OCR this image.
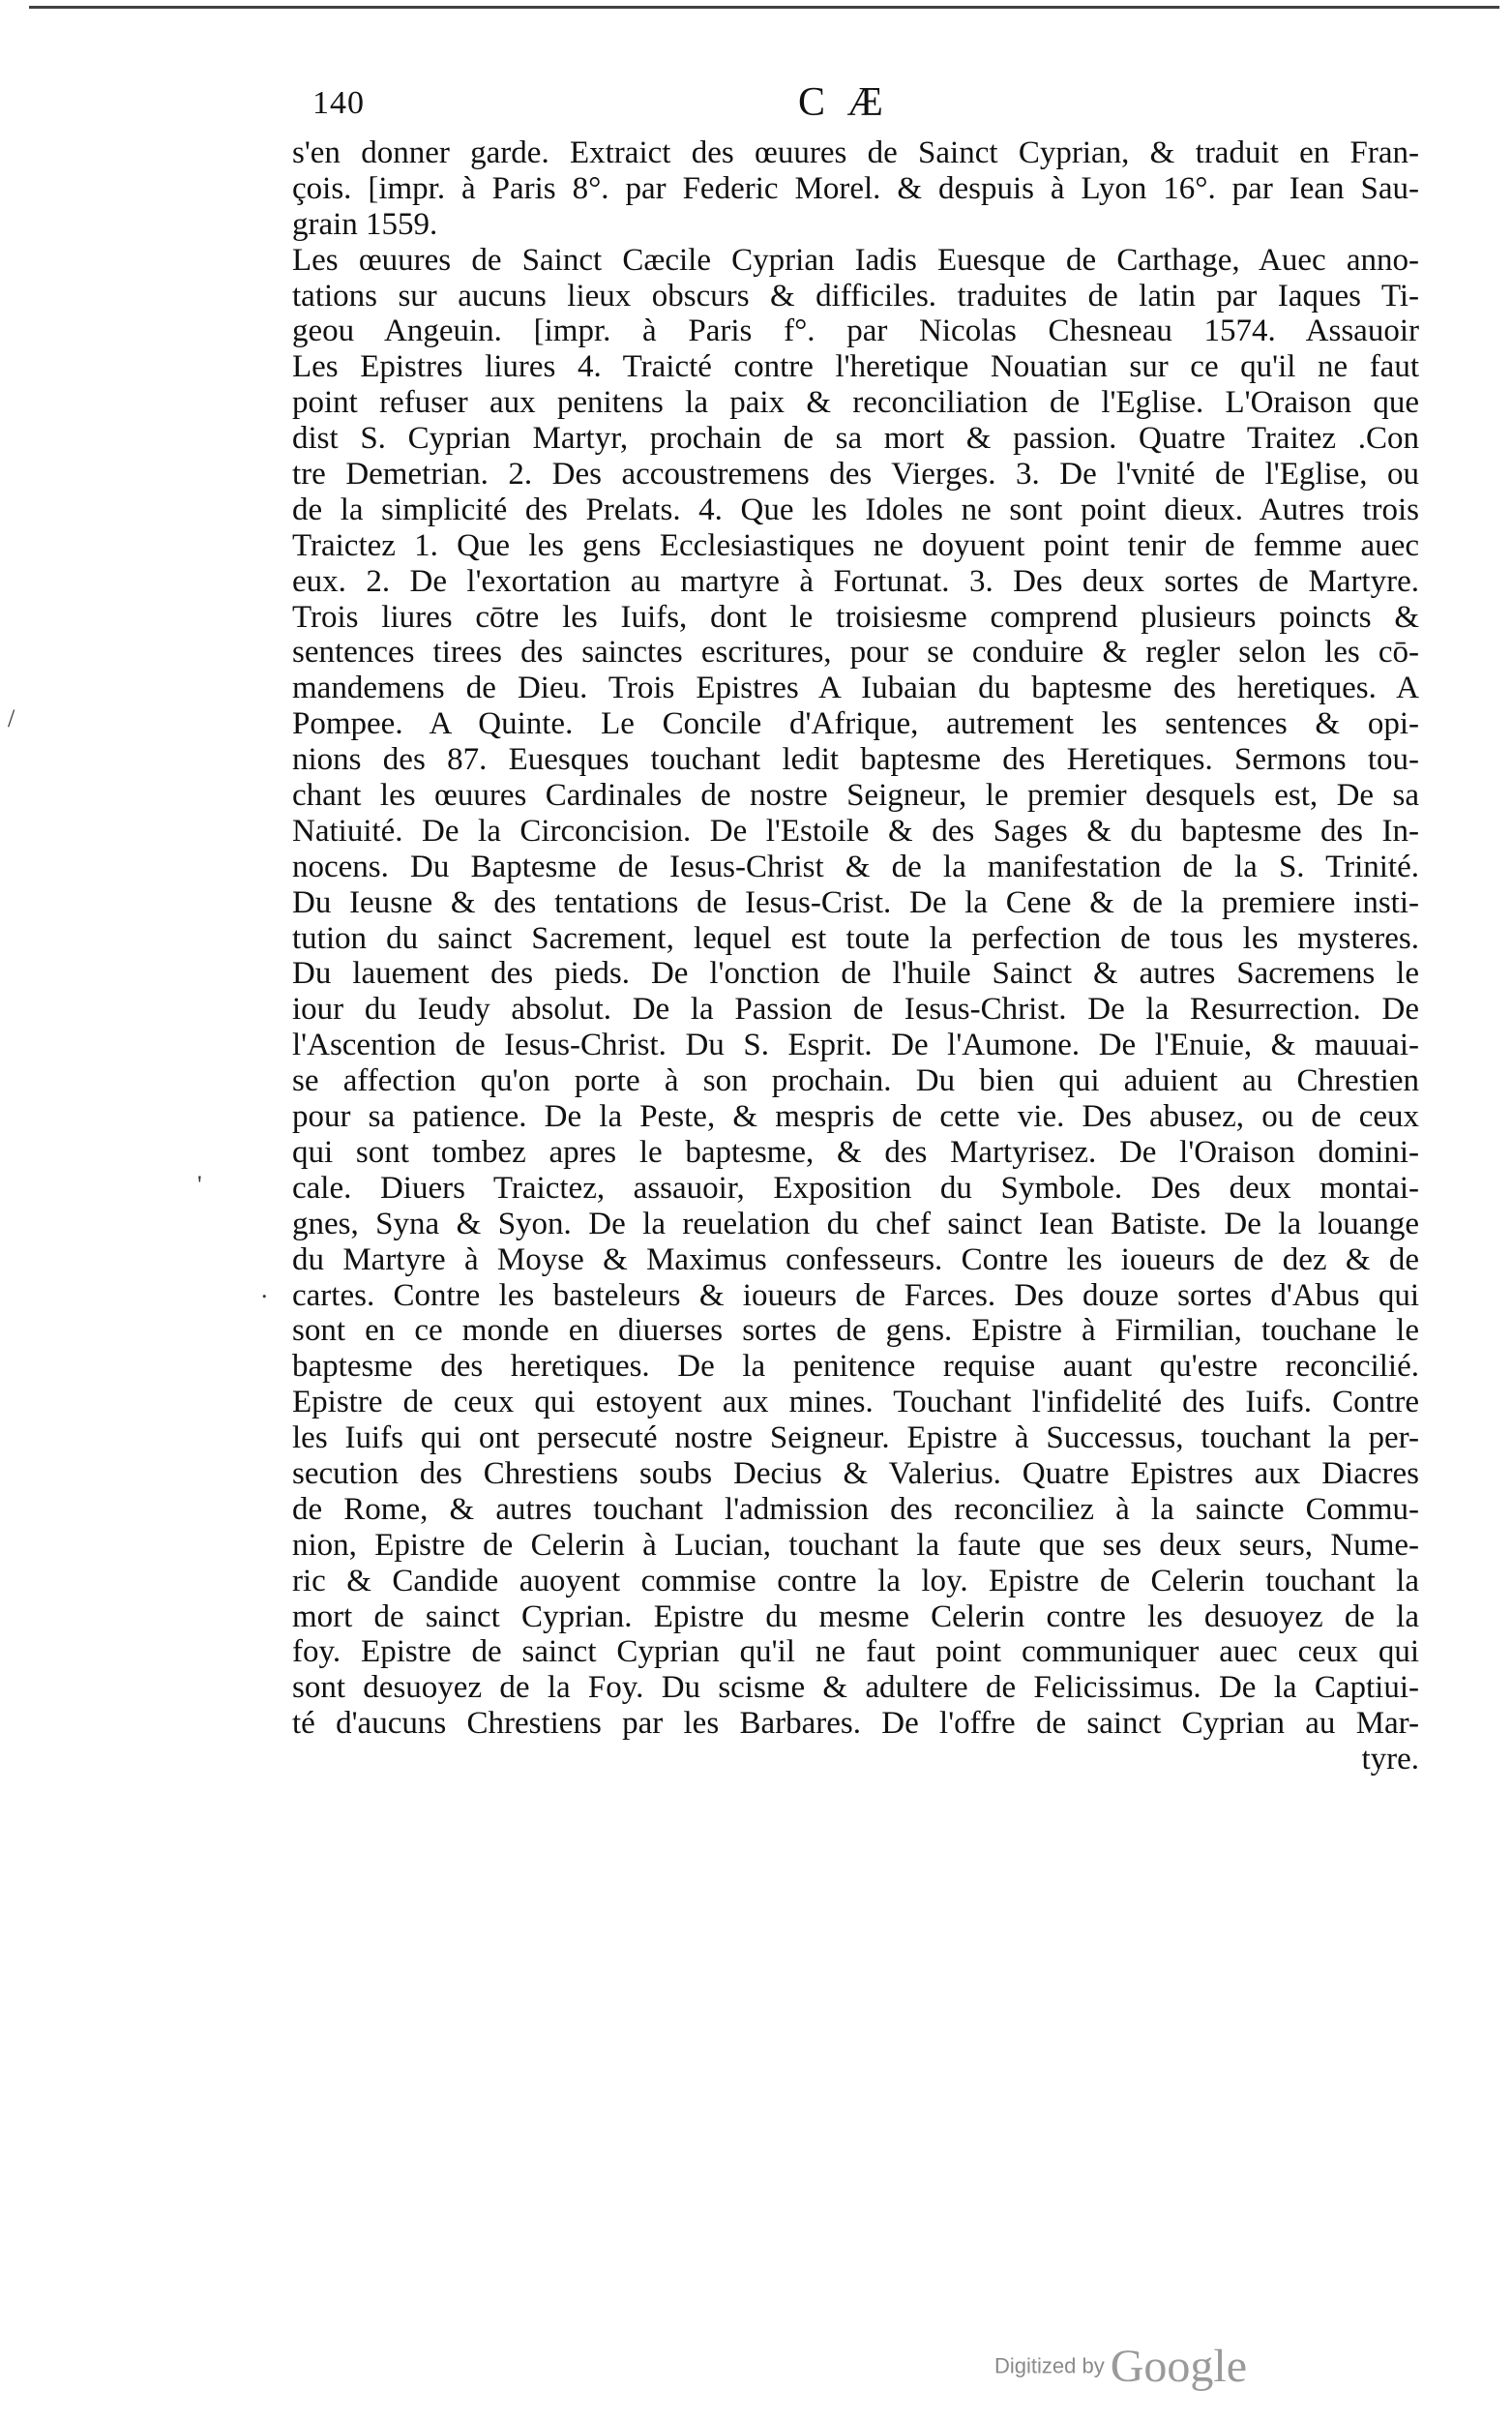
140	C Æ
s'en donner garde. Extraict des œuures de Sainct Cyprian, & traduit en Fran-
çois. [impr. à Paris 8°. par Federic Morel. & despuis à Lyon 16°. par Iean Sau-
grain 1559.
Les œuures de Sainct Cæcile Cyprian Iadis Euesque de Carthage, Auec anno-
tations sur aucuns lieux obscurs & difficiles. traduites de latin par Iaques Ti-
geou Angeuin. [impr. à Paris f°. par Nicolas Chesneau 1574. Assauoir
Les Epistres liures 4. Traicté contre l'heretique Nouatian sur ce qu'il ne faut
point refuser aux penitens la paix & reconciliation de l'Eglise. L'Oraison que
dist S. Cyprian Martyr, prochain de sa mort & passion. Quatre Traitez .Con
tre Demetrian. 2. Des accoustremens des Vierges. 3. De l'vnité de l'Eglise, ou
de la simplicité des Prelats. 4. Que les Idoles ne sont point dieux. Autres trois
Traictez 1. Que les gens Ecclesiastiques ne doyuent point tenir de femme auec
eux. 2. De l'exortation au martyre à Fortunat. 3. Des deux sortes de Martyre.
Trois liures cōtre les Iuifs, dont le troisiesme comprend plusieurs poincts &
sentences tirees des sainctes escritures, pour se conduire & regler selon les cō-
mandemens de Dieu. Trois Epistres A Iubaian du baptesme des heretiques. A
Pompee. A Quinte. Le Concile d'Afrique, autrement les sentences & opi-
nions des 87. Euesques touchant ledit baptesme des Heretiques. Sermons tou-
chant les œuures Cardinales de nostre Seigneur, le premier desquels est, De sa
Natiuité. De la Circoncision. De l'Estoile & des Sages & du baptesme des In-
nocens. Du Baptesme de Iesus-Christ & de la manifestation de la S. Trinité.
Du Ieusne & des tentations de Iesus-Crist. De la Cene & de la premiere insti-
tution du sainct Sacrement, lequel est toute la perfection de tous les mysteres.
Du lauement des pieds. De l'onction de l'huile Sainct & autres Sacremens le
iour du Ieudy absolut. De la Passion de Iesus-Christ. De la Resurrection. De
l'Ascention de Iesus-Christ. Du S. Esprit. De l'Aumone. De l'Enuie, & mauuai-
se affection qu'on porte à son prochain. Du bien qui aduient au Chrestien
pour sa patience. De la Peste, & mespris de cette vie. Des abusez, ou de ceux
qui sont tombez apres le baptesme, & des Martyrisez. De l'Oraison domini-
cale. Diuers Traictez, assauoir, Exposition du Symbole. Des deux montai-
gnes, Syna & Syon. De la reuelation du chef sainct Iean Batiste. De la louange
du Martyre à Moyse & Maximus confesseurs. Contre les ioueurs de dez & de
cartes. Contre les basteleurs & ioueurs de Farces. Des douze sortes d'Abus qui
sont en ce monde en diuerses sortes de gens. Epistre à Firmilian, touchane le
baptesme des heretiques. De la penitence requise auant qu'estre reconcilié.
Epistre de ceux qui estoyent aux mines. Touchant l'infidelité des Iuifs. Contre
les Iuifs qui ont persecuté nostre Seigneur. Epistre à Successus, touchant la per-
secution des Chrestiens soubs Decius & Valerius. Quatre Epistres aux Diacres
de Rome, & autres touchant l'admission des reconciliez à la saincte Commu-
nion, Epistre de Celerin à Lucian, touchant la faute que ses deux seurs, Nume-
ric & Candide auoyent commise contre la loy. Epistre de Celerin touchant la
mort de sainct Cyprian. Epistre du mesme Celerin contre les desuoyez de la
foy. Epistre de sainct Cyprian qu'il ne faut point communiquer auec ceux qui
sont desuoyez de la Foy. Du scisme & adultere de Felicissimus. De la Captiui-
té d'aucuns Chrestiens par les Barbares. De l'offre de sainct Cyprian au Mar-
tyre.
/
'
.
Digitized by Google
